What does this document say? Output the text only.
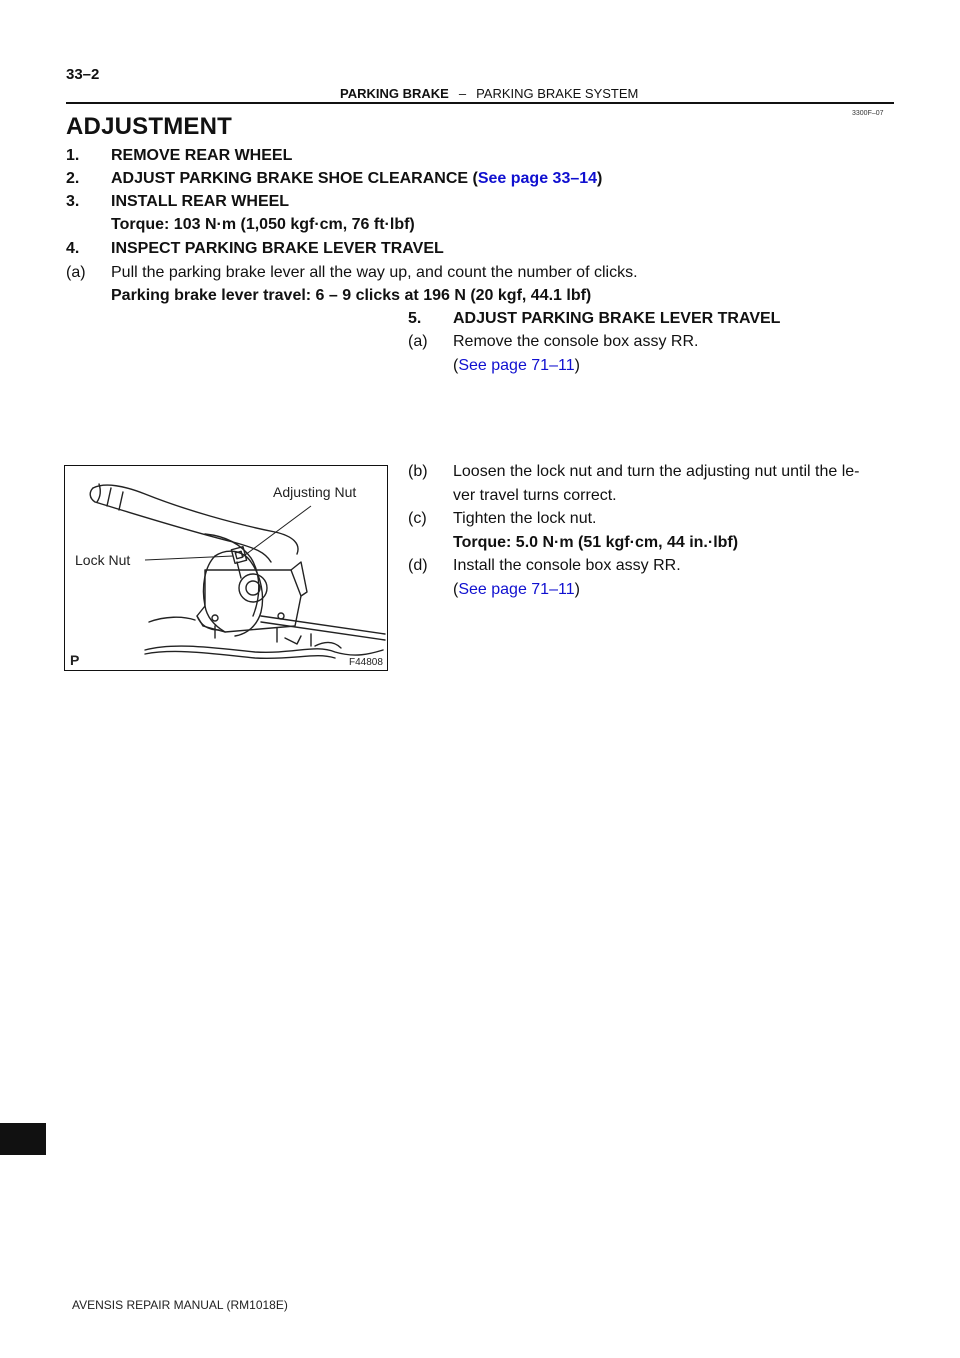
33–2
PARKING BRAKE – PARKING BRAKE SYSTEM
3300F–07
ADJUSTMENT
1. REMOVE REAR WHEEL
2. ADJUST PARKING BRAKE SHOE CLEARANCE (See page 33–14)
3. INSTALL REAR WHEEL
Torque: 103 N·m (1,050 kgf·cm, 76 ft·lbf)
4. INSPECT PARKING BRAKE LEVER TRAVEL
(a) Pull the parking brake lever all the way up, and count the number of clicks.
Parking brake lever travel: 6 – 9 clicks at 196 N (20 kgf, 44.1 lbf)
5. ADJUST PARKING BRAKE LEVER TRAVEL
(a) Remove the console box assy RR.
(See page 71–11)
(b) Loosen the lock nut and turn the adjusting nut until the le-
ver travel turns correct.
(c) Tighten the lock nut.
Torque: 5.0 N·m (51 kgf·cm, 44 in.·lbf)
(d) Install the console box assy RR.
(See page 71–11)
Adjusting Nut
Lock Nut
F44808
P
AVENSIS REPAIR MANUAL (RM1018E)
